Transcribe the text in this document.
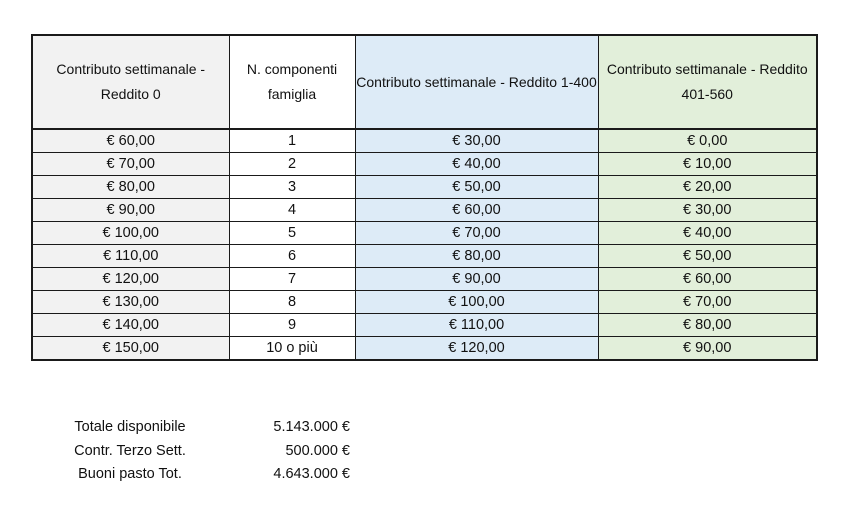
Contributo settimanale - Reddito 0	N. componenti famiglia	Contributo settimanale - Reddito 1-400	Contributo settimanale - Reddito 401-560
€ 60,00	1	€ 30,00	€ 0,00
€ 70,00	2	€ 40,00	€ 10,00
€ 80,00	3	€ 50,00	€ 20,00
€ 90,00	4	€ 60,00	€ 30,00
€ 100,00	5	€ 70,00	€ 40,00
€ 110,00	6	€ 80,00	€ 50,00
€ 120,00	7	€ 90,00	€ 60,00
€ 130,00	8	€ 100,00	€ 70,00
€ 140,00	9	€ 110,00	€ 80,00
€ 150,00	10 o più	€ 120,00	€ 90,00
Totale disponibile	5.143.000 €
Contr. Terzo Sett.	500.000 €
Buoni pasto Tot.	4.643.000 €
